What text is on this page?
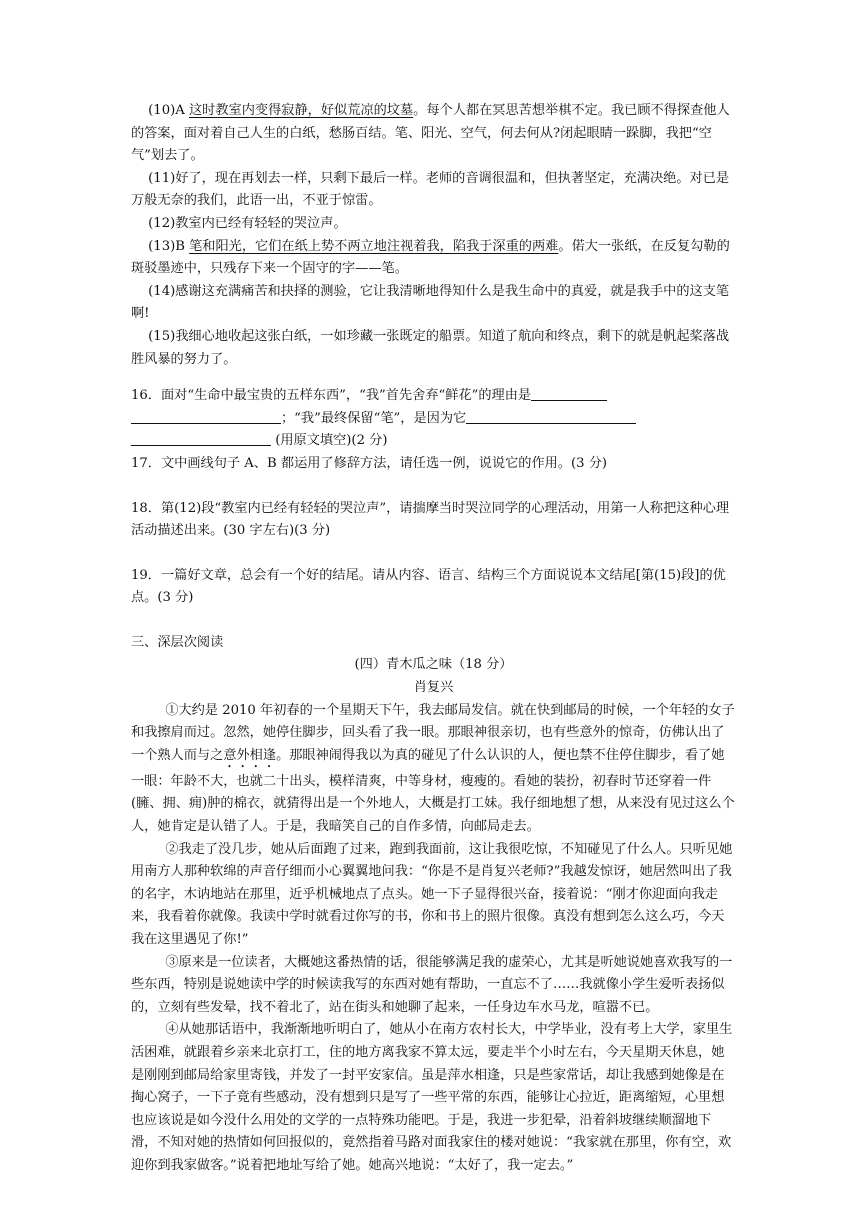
(10)A 这时教室内变得寂静，好似荒凉的坟墓。每个人都在冥思苦想举棋不定。我已顾不得探查他人的答案，面对着自己人生的白纸，愁肠百结。笔、阳光、空气，何去何从?闭起眼睛一跺脚，我把“空气”划去了。

(11)好了，现在再划去一样，只剩下最后一样。老师的音调很温和，但执著坚定，充满决绝。对已是万般无奈的我们，此语一出，不亚于惊雷。

(12)教室内已经有轻轻的哭泣声。

(13)B 笔和阳光，它们在纸上势不两立地注视着我，陷我于深重的两难。偌大一张纸，在反复勾勒的斑驳墨迹中，只残存下来一个固守的字——笔。

(14)感谢这充满痛苦和抉择的测验，它让我清晰地得知什么是我生命中的真爱，就是我手中的这支笔啊!

(15)我细心地收起这张白纸，一如珍藏一张既定的船票。知道了航向和终点，剩下的就是帆起桨落战胜风暴的努力了。

16．面对“生命中最宝贵的五样东西”，“我”首先舍弃“鲜花”的理由是
；“我”最终保留“笔”，是因为它
(用原文填空)(2 分)

17．文中画线句子 A、B 都运用了修辞方法，请任选一例，说说它的作用。(3 分)

18．第(12)段“教室内已经有轻轻的哭泣声”，请揣摩当时哭泣同学的心理活动，用第一人称把这种心理活动描述出来。(30 字左右)(3 分)

19．一篇好文章，总会有一个好的结尾。请从内容、语言、结构三个方面说说本文结尾[第(15)段]的优点。(3 分)

三、深层次阅读

(四）青木瓜之味（18 分）

肖复兴

①大约是 2010 年初春的一个星期天下午，我去邮局发信。就在快到邮局的时候，一个年轻的女子和我擦肩而过。忽然，她停住脚步，回头看了我一眼。那眼神很亲切，也有些意外的惊奇，仿佛认出了一个熟人而与之意外相逢。那眼神闹得我以为真的碰见了什么认识的人，便也禁不住停住脚步，看了她一眼：年龄不大，也就二十出头，模样清爽，中等身材，瘦瘦的。看她的装扮，初春时节还穿着一件(臃、拥、痈)肿的棉衣，就猜得出是一个外地人，大概是打工妹。我仔细地想了想，从来没有见过这么个人，她肯定是认错了人。于是，我暗笑自己的自作多情，向邮局走去。

②我走了没几步，她从后面跑了过来，跑到我面前，这让我很吃惊，不知碰见了什么人。只听见她用南方人那种软绵的声音仔细而小心翼翼地问我：“你是不是肖复兴老师?”我越发惊讶，她居然叫出了我的名字，木讷地站在那里，近乎机械地点了点头。她一下子显得很兴奋，接着说：“刚才你迎面向我走来，我看着你就像。我读中学时就看过你写的书，你和书上的照片很像。真没有想到怎么这么巧，今天我在这里遇见了你!”

③原来是一位读者，大概她这番热情的话，很能够满足我的虚荣心，尤其是听她说她喜欢我写的一些东西，特别是说她读中学的时候读我写的东西对她有帮助，一直忘不了……我就像小学生爱听表扬似的，立刻有些发晕，找不着北了，站在街头和她聊了起来，一任身边车水马龙，喧嚣不已。

④从她那话语中，我渐渐地听明白了，她从小在南方农村长大，中学毕业，没有考上大学，家里生活困难，就跟着乡亲来北京打工，住的地方离我家不算太远，要走半个小时左右，今天星期天休息，她是刚刚到邮局给家里寄钱，并发了一封平安家信。虽是萍水相逢，只是些家常话，却让我感到她像是在掏心窝子，一下子竟有些感动，没有想到只是写了一些平常的东西，能够让心拉近，距离缩短，心里想也应该说是如今没什么用处的文学的一点特殊功能吧。于是，我进一步犯晕，沿着斜坡继续顺溜地下滑，不知对她的热情如何回报似的，竟然指着马路对面我家住的楼对她说：“我家就在那里，你有空，欢迎你到我家做客。”说着把地址写给了她。她高兴地说：“太好了，我一定去。”
